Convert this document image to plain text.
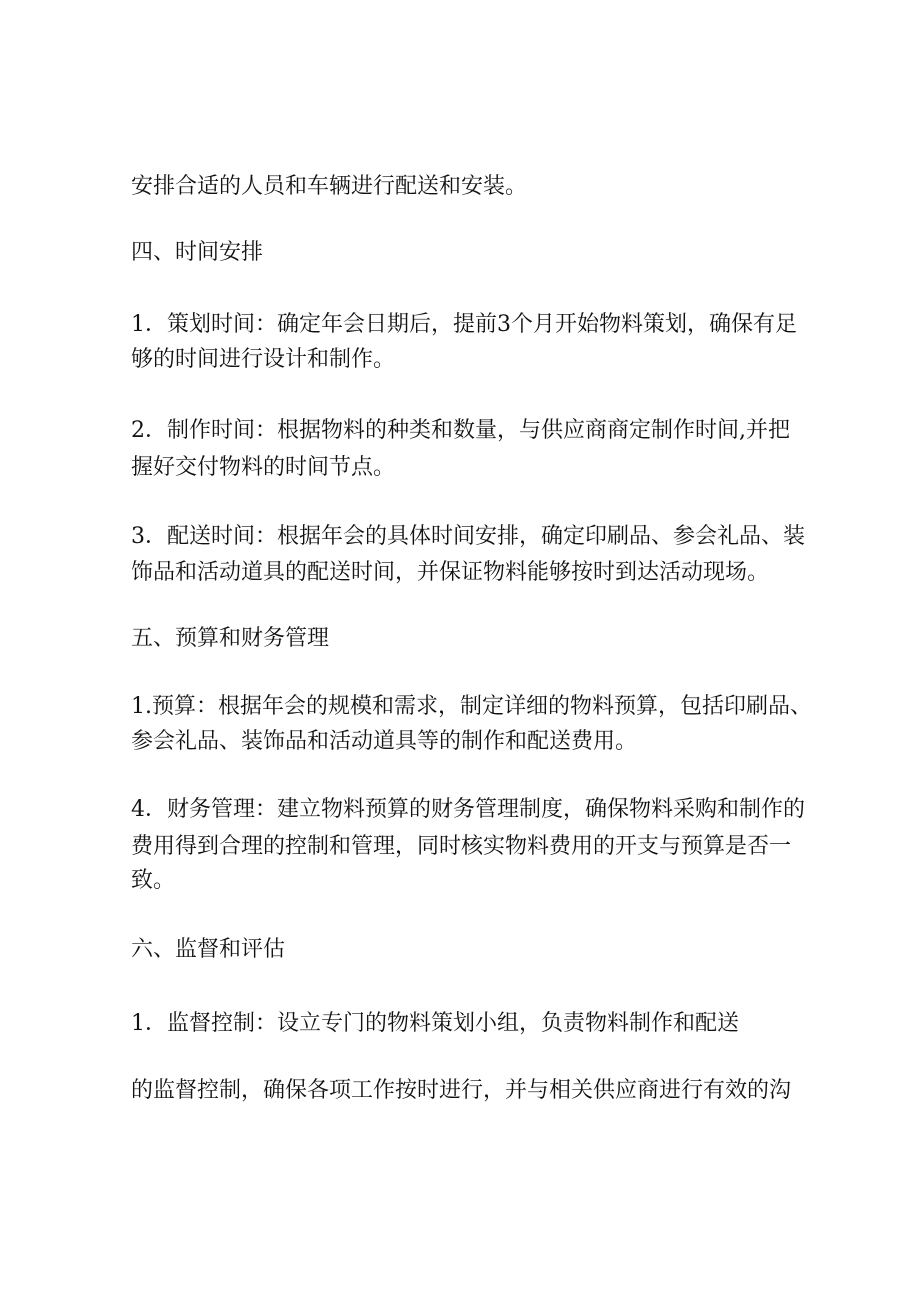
安排合适的人员和车辆进行配送和安装。

四、时间安排

1．策划时间：确定年会日期后，提前3个月开始物料策划，确保有足

够的时间进行设计和制作。

2．制作时间：根据物料的种类和数量，与供应商商定制作时间,并把

握好交付物料的时间节点。

3．配送时间：根据年会的具体时间安排，确定印刷品、参会礼品、装

饰品和活动道具的配送时间，并保证物料能够按时到达活动现场。

五、预算和财务管理

1.预算：根据年会的规模和需求，制定详细的物料预算，包括印刷品、

参会礼品、装饰品和活动道具等的制作和配送费用。

4．财务管理：建立物料预算的财务管理制度，确保物料采购和制作的

费用得到合理的控制和管理，同时核实物料费用的开支与预算是否一

致。

六、监督和评估

1．监督控制：设立专门的物料策划小组，负责物料制作和配送

的监督控制，确保各项工作按时进行，并与相关供应商进行有效的沟
